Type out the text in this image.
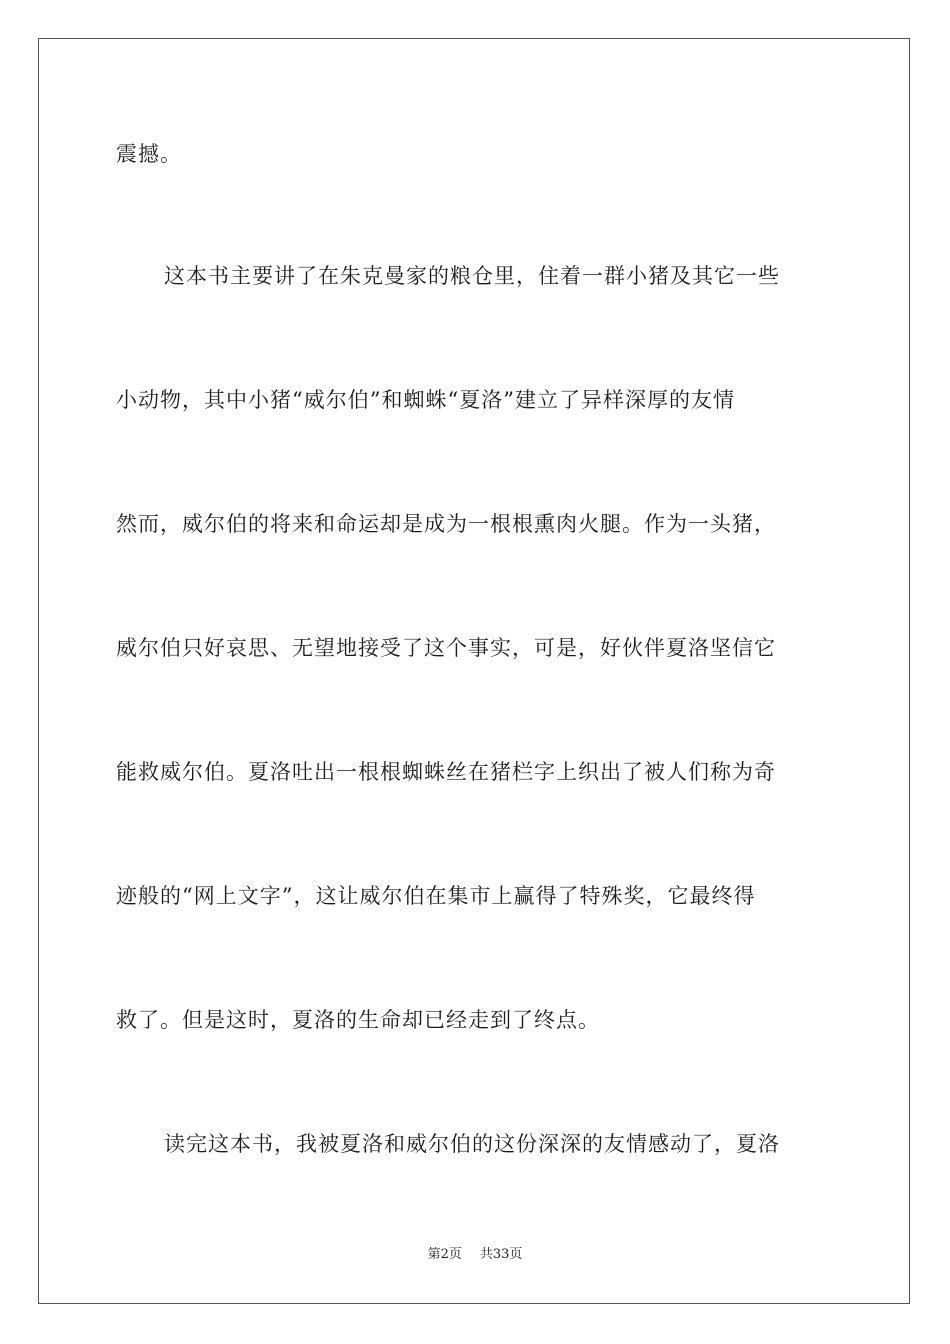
震撼。
这本书主要讲了在朱克曼家的粮仓里，住着一群小猪及其它一些
小动物，其中小猪“威尔伯”和蜘蛛“夏洛”建立了异样深厚的友情
然而，威尔伯的将来和命运却是成为一根根熏肉火腿。作为一头猪，
威尔伯只好哀思、无望地接受了这个事实，可是，好伙伴夏洛坚信它
能救威尔伯。夏洛吐出一根根蜘蛛丝在猪栏字上织出了被人们称为奇
迹般的“网上文字”，这让威尔伯在集市上赢得了特殊奖，它最终得
救了。但是这时，夏洛的生命却已经走到了终点。
读完这本书，我被夏洛和威尔伯的这份深深的友情感动了，夏洛
第2页 共33页
